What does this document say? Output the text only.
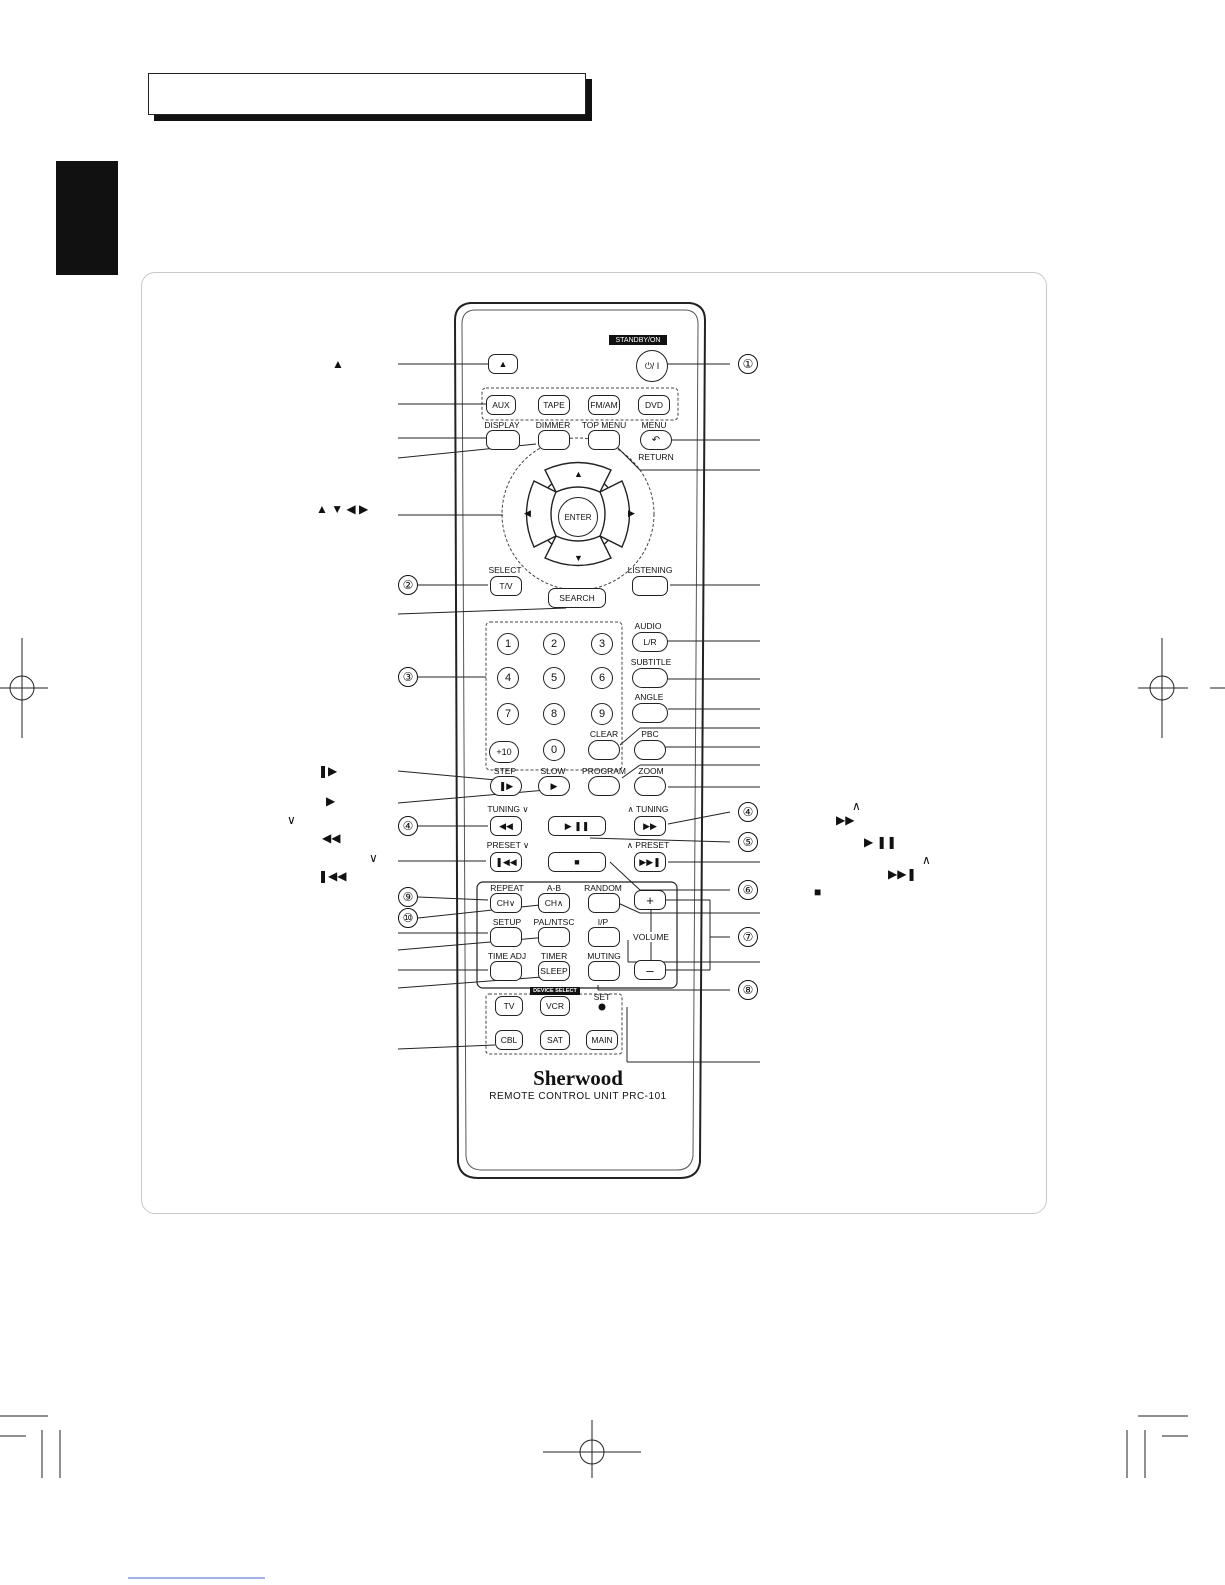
STANDBY/ON
▲	⏻/ I
AUX	TAPE	FM/AM	DVD
DISPLAY DIMMER TOP MENU MENU
↶
RETURN
ENTER
▲
▼
◀	▶
SELECT
T/V
LISTENING
SEARCH
1	2	3
4	5	6
7	8	9
+10	0
AUDIO
L/R
SUBTITLE
ANGLE
CLEAR	PBC
STEP
❚▶
SLOW
▶
PROGRAM ZOOM
TUNING ∨
◀◀	▶ ❚❚
∧ TUNING
▶▶
PRESET ∨
❚◀◀	■
∧ PRESET
▶▶❚
REPEAT
CH∨
A-B
CH∧
RANDOM
+
VOLUME
–
SETUP PAL/NTSC	I/P
TIME ADJ TIMER
SLEEP
MUTING
DEVICE SELECT
SET
TV	VCR
CBL	SAT	MAIN
Sherwood
REMOTE CONTROL UNIT PRC-101
①
②
③
④
④
⑤
⑥
⑦
⑧
⑨
⑩
▲
▲ ▼ ◀ ▶
❚▶
▶
∨
◀◀
∨
❚◀◀
∧
▶▶
▶ ❚❚
∧
▶▶❚
■
